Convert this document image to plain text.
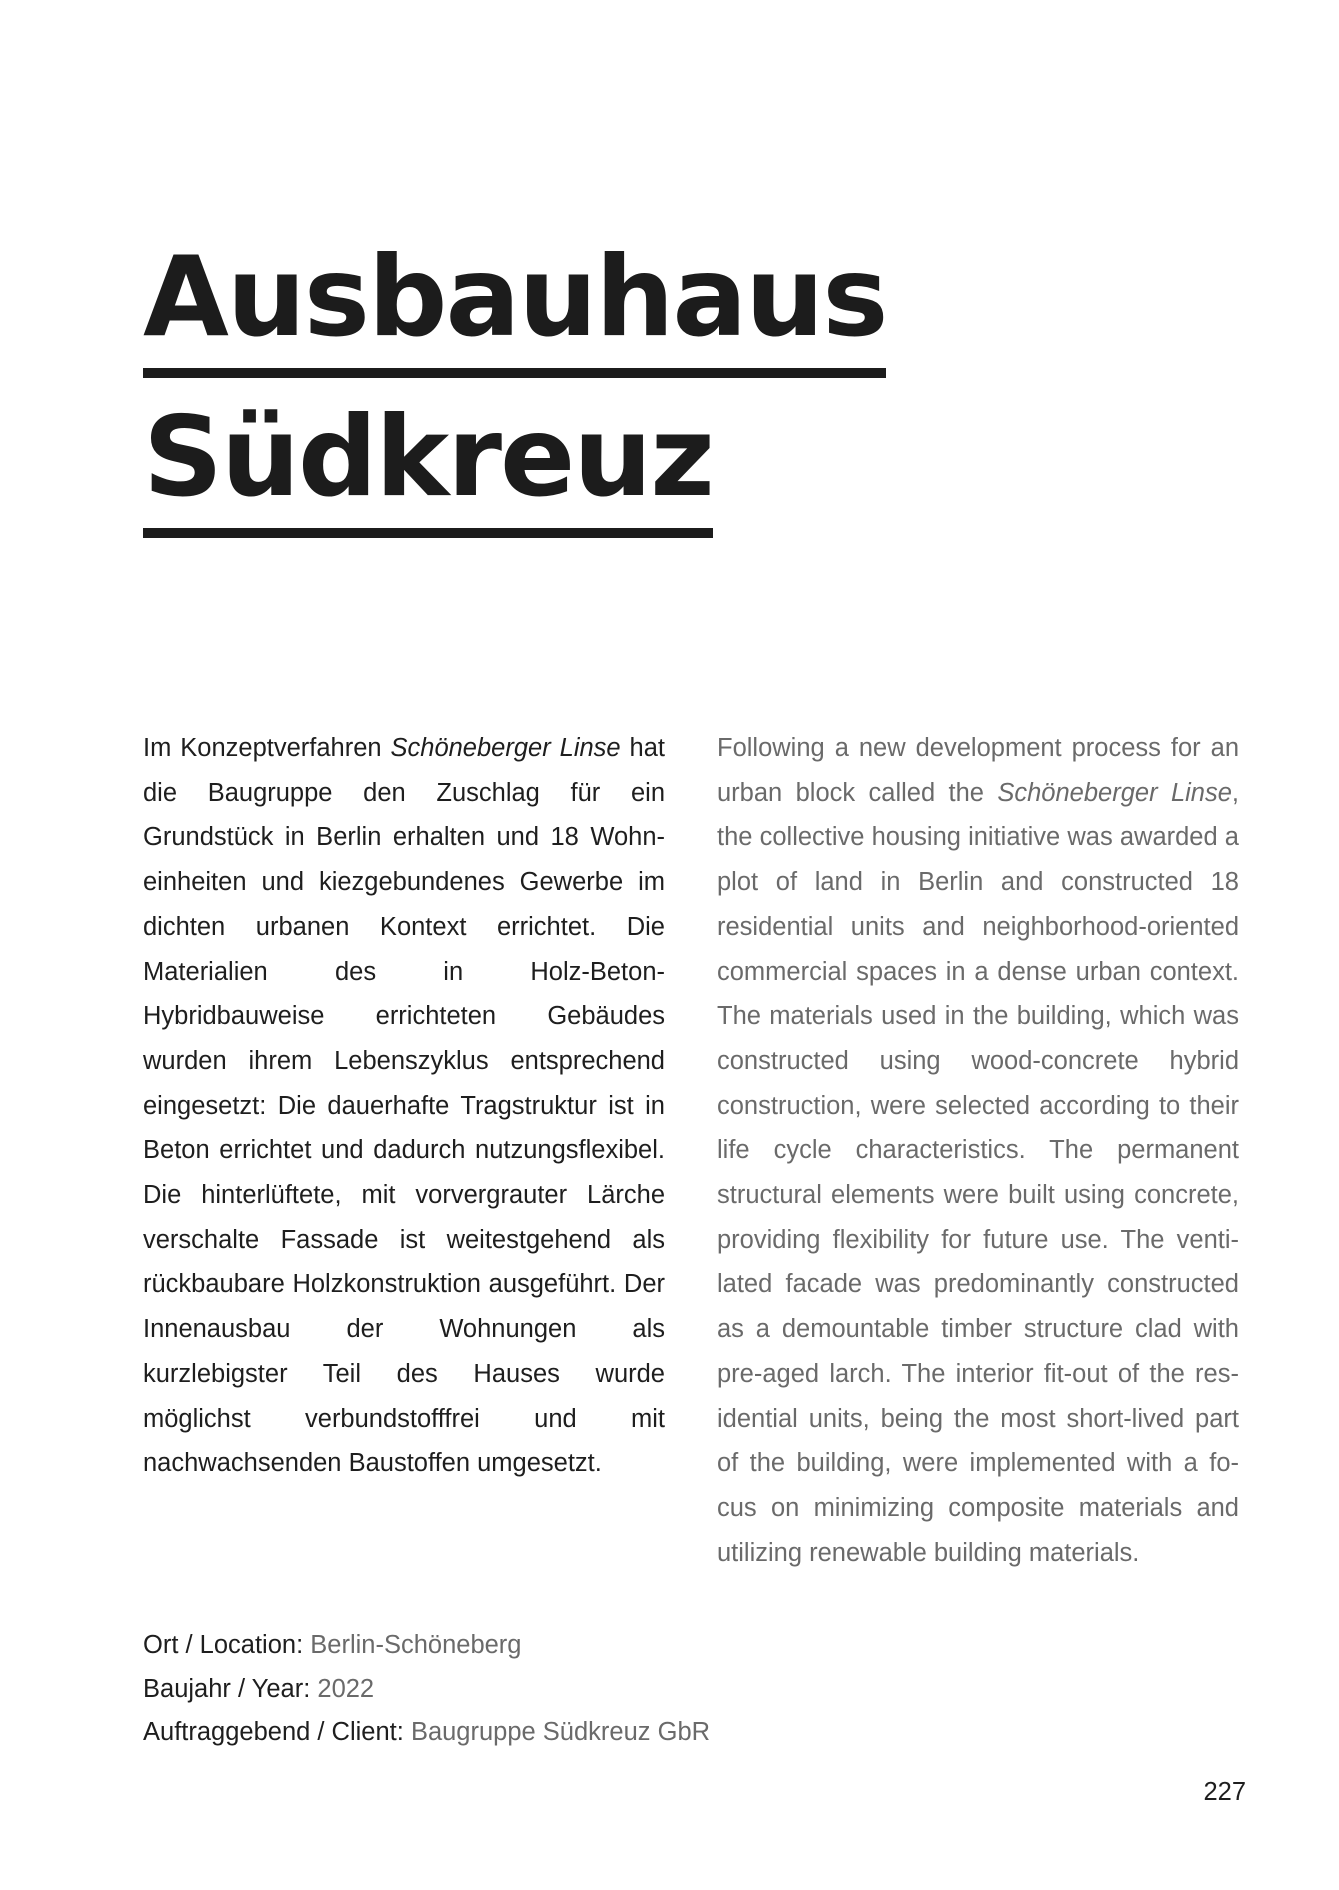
Ausbauhaus
Südkreuz

Im Konzeptverfahren Schöneberger Linse hat die Baugruppe den Zuschlag für ein Grundstück in Berlin erhalten und 18 Wohneinheiten und kiezgebundenes Gewerbe im dichten urbanen Kontext errichtet. Die Materialien des in Holz-Beton-Hybridbauweise errichteten Gebäudes wurden ihrem Lebenszyklus entsprechend eingesetzt: Die dauerhafte Tragstruktur ist in Beton errichtet und dadurch nutzungsflexibel. Die hinterlüftete, mit vorvergrauter Lärche verschalte Fassade ist weitestgehend als rückbaubare Holzkonstruktion ausgeführt. Der Innenausbau der Wohnungen als kurzlebigster Teil des Hauses wurde möglichst verbundstofffrei und mit nachwachsenden Baustoffen umgesetzt.

Following a new development process for an urban block called the Schöneberger Linse, the collective housing initiative was awarded a plot of land in Berlin and constructed 18 residential units and neighborhood-oriented commercial spaces in a dense urban context. The materials used in the building, which was constructed using wood-concrete hybrid construction, were selected according to their life cycle characteristics. The permanent structural elements were built using concrete, providing flexibility for future use. The ventilated facade was predominantly constructed as a demountable timber structure clad with pre-aged larch. The interior fit-out of the residential units, being the most short-lived part of the building, were implemented with a focus on minimizing composite materials and utilizing renewable building materials.

Ort / Location: Berlin-Schöneberg
Baujahr / Year: 2022
Auftraggebend / Client: Baugruppe Südkreuz GbR
227
